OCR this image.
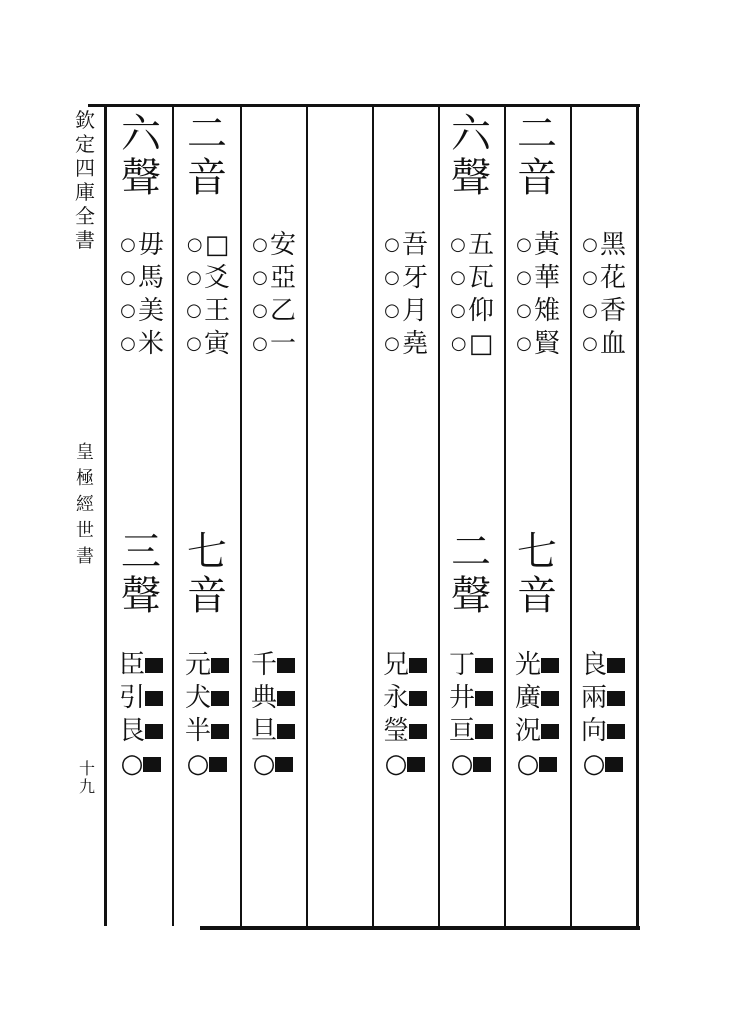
欽
定
四
庫
全
書
皇
極
經
世
書
十
九
○黑
○花
○香
○血
良
兩
向
○
二
音
○黃
○華
○雉
○賢
七
音
光
廣
況
○
六
聲
○五
○瓦
○仰
○□
二
聲
丁
井
亘
○
○吾
○牙
○月
○堯
兄
永
瑩
○
○安
○亞
○乙
○一
千
典
旦
○
二
音
○□
○爻
○王
○寅
七
音
元
犬
半
○
六
聲
○毋
○馬
○美
○米
三
聲
臣
引
艮
○
